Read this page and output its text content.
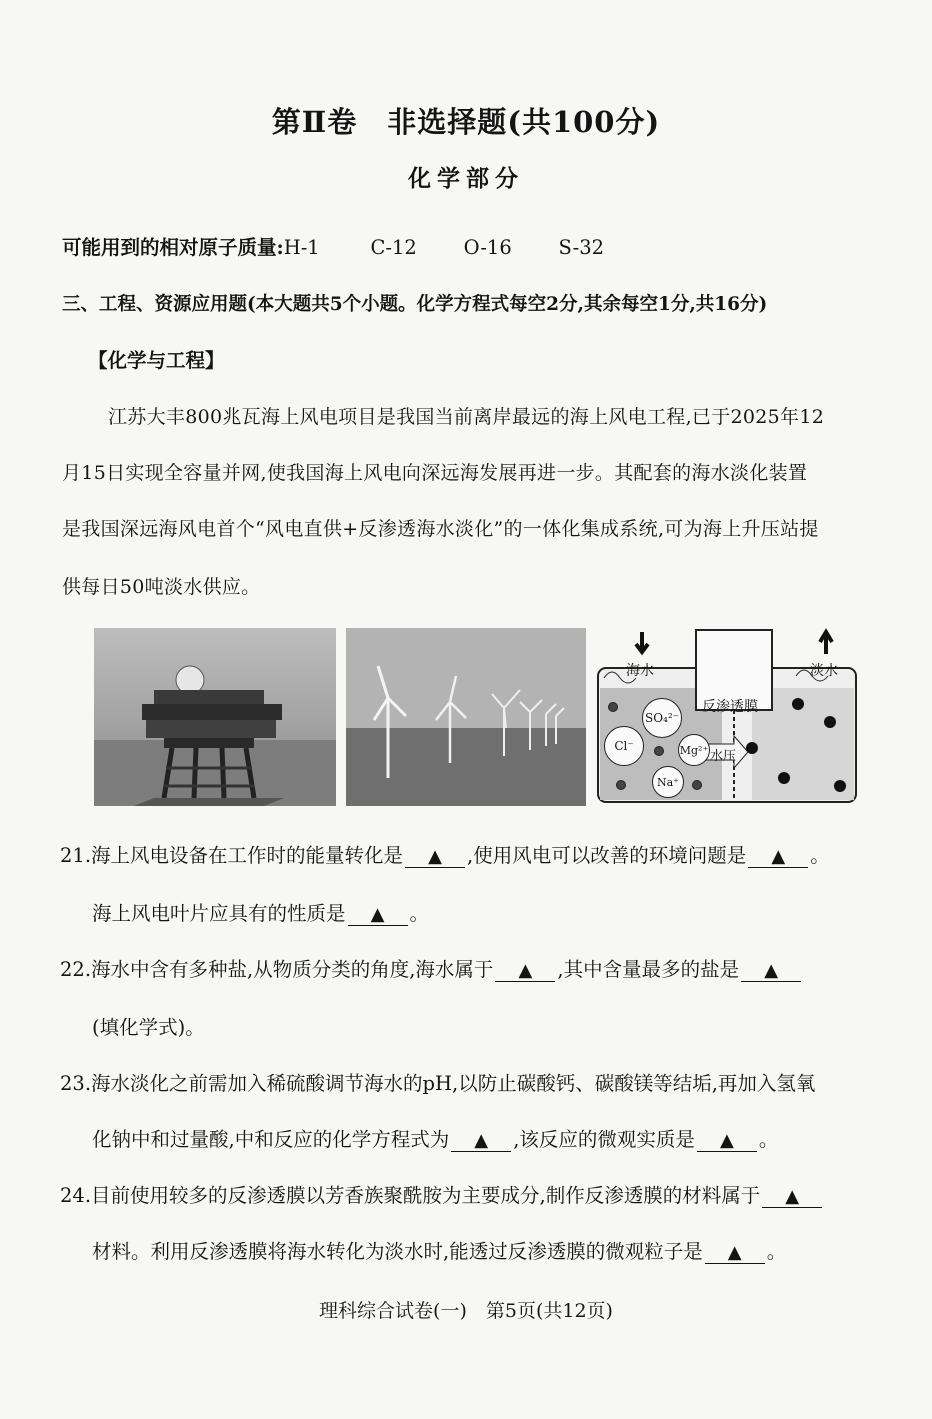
第Ⅱ卷　非选择题(共100分)
化学部分
可能用到的相对原子质量:H-1	C-12 O-16 S-32
三、工程、资源应用题(本大题共5个小题。化学方程式每空2分,其余每空1分,共16分)
【化学与工程】
江苏大丰800兆瓦海上风电项目是我国当前离岸最远的海上风电工程,已于2025年12
月15日实现全容量并网,使我国海上风电向深远海发展再进一步。其配套的海水淡化装置
是我国深远海风电首个“风电直供+反渗透海水淡化”的一体化集成系统,可为海上升压站提
供每日50吨淡水供应。
海水	淡水
反渗透膜
水压
SO₄²⁻
Cl⁻	Mg²⁺
Na⁺
21.海上风电设备在工作时的能量转化是 ▲ ,使用风电可以改善的环境问题是 ▲ 。
海上风电叶片应具有的性质是 ▲ 。
22.海水中含有多种盐,从物质分类的角度,海水属于 ▲ ,其中含量最多的盐是 ▲
(填化学式)。
23.海水淡化之前需加入稀硫酸调节海水的pH,以防止碳酸钙、碳酸镁等结垢,再加入氢氧
化钠中和过量酸,中和反应的化学方程式为 ▲ ,该反应的微观实质是 ▲ 。
24.目前使用较多的反渗透膜以芳香族聚酰胺为主要成分,制作反渗透膜的材料属于 ▲
材料。利用反渗透膜将海水转化为淡水时,能透过反渗透膜的微观粒子是 ▲ 。
理科综合试卷(一)　第5页(共12页)
